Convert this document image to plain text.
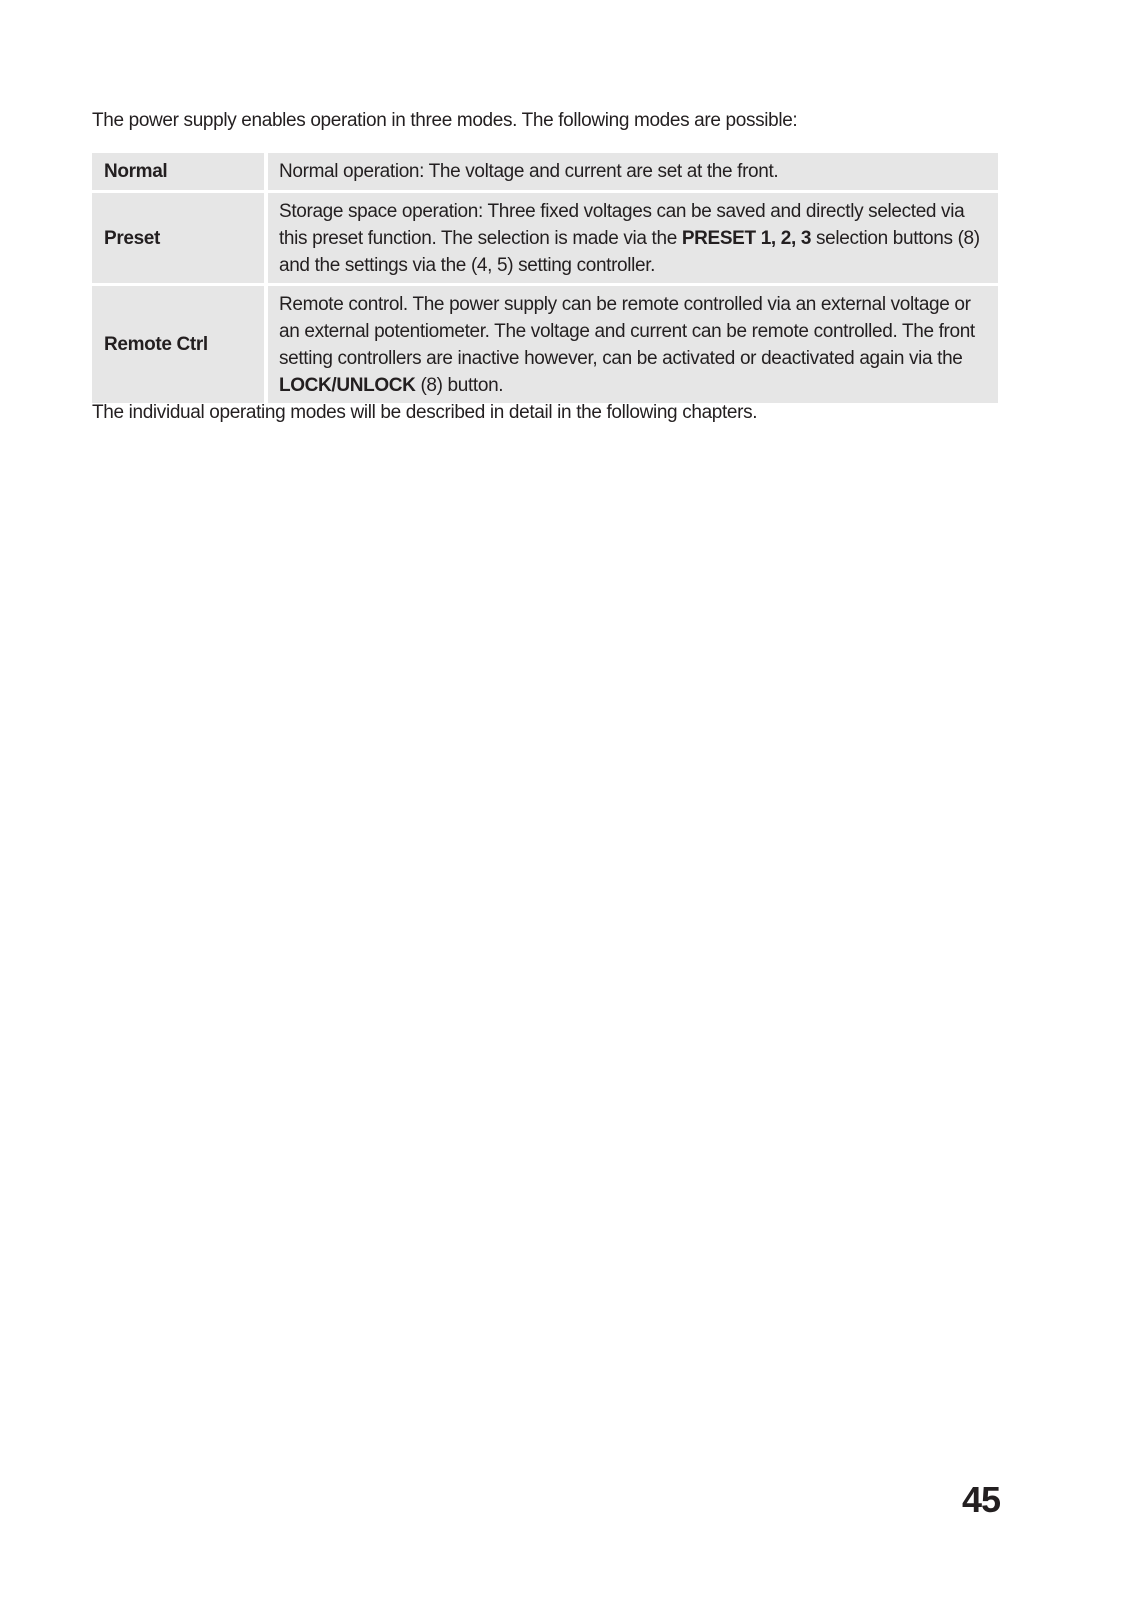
The power supply enables operation in three modes. The following modes are possible:

Normal	Normal operation: The voltage and current are set at the front.
Preset	Storage space operation: Three fixed voltages can be saved and directly selected via this preset function. The selection is made via the PRESET 1, 2, 3 selection buttons (8) and the settings via the (4, 5) setting controller.
Remote Ctrl	Remote control. The power supply can be remote controlled via an external voltage or an external potentiometer. The voltage and current can be remote controlled. The front setting controllers are inactive however, can be activated or deactivated again via the LOCK/UNLOCK (8) button.

The individual operating modes will be described in detail in the following chapters.

45
